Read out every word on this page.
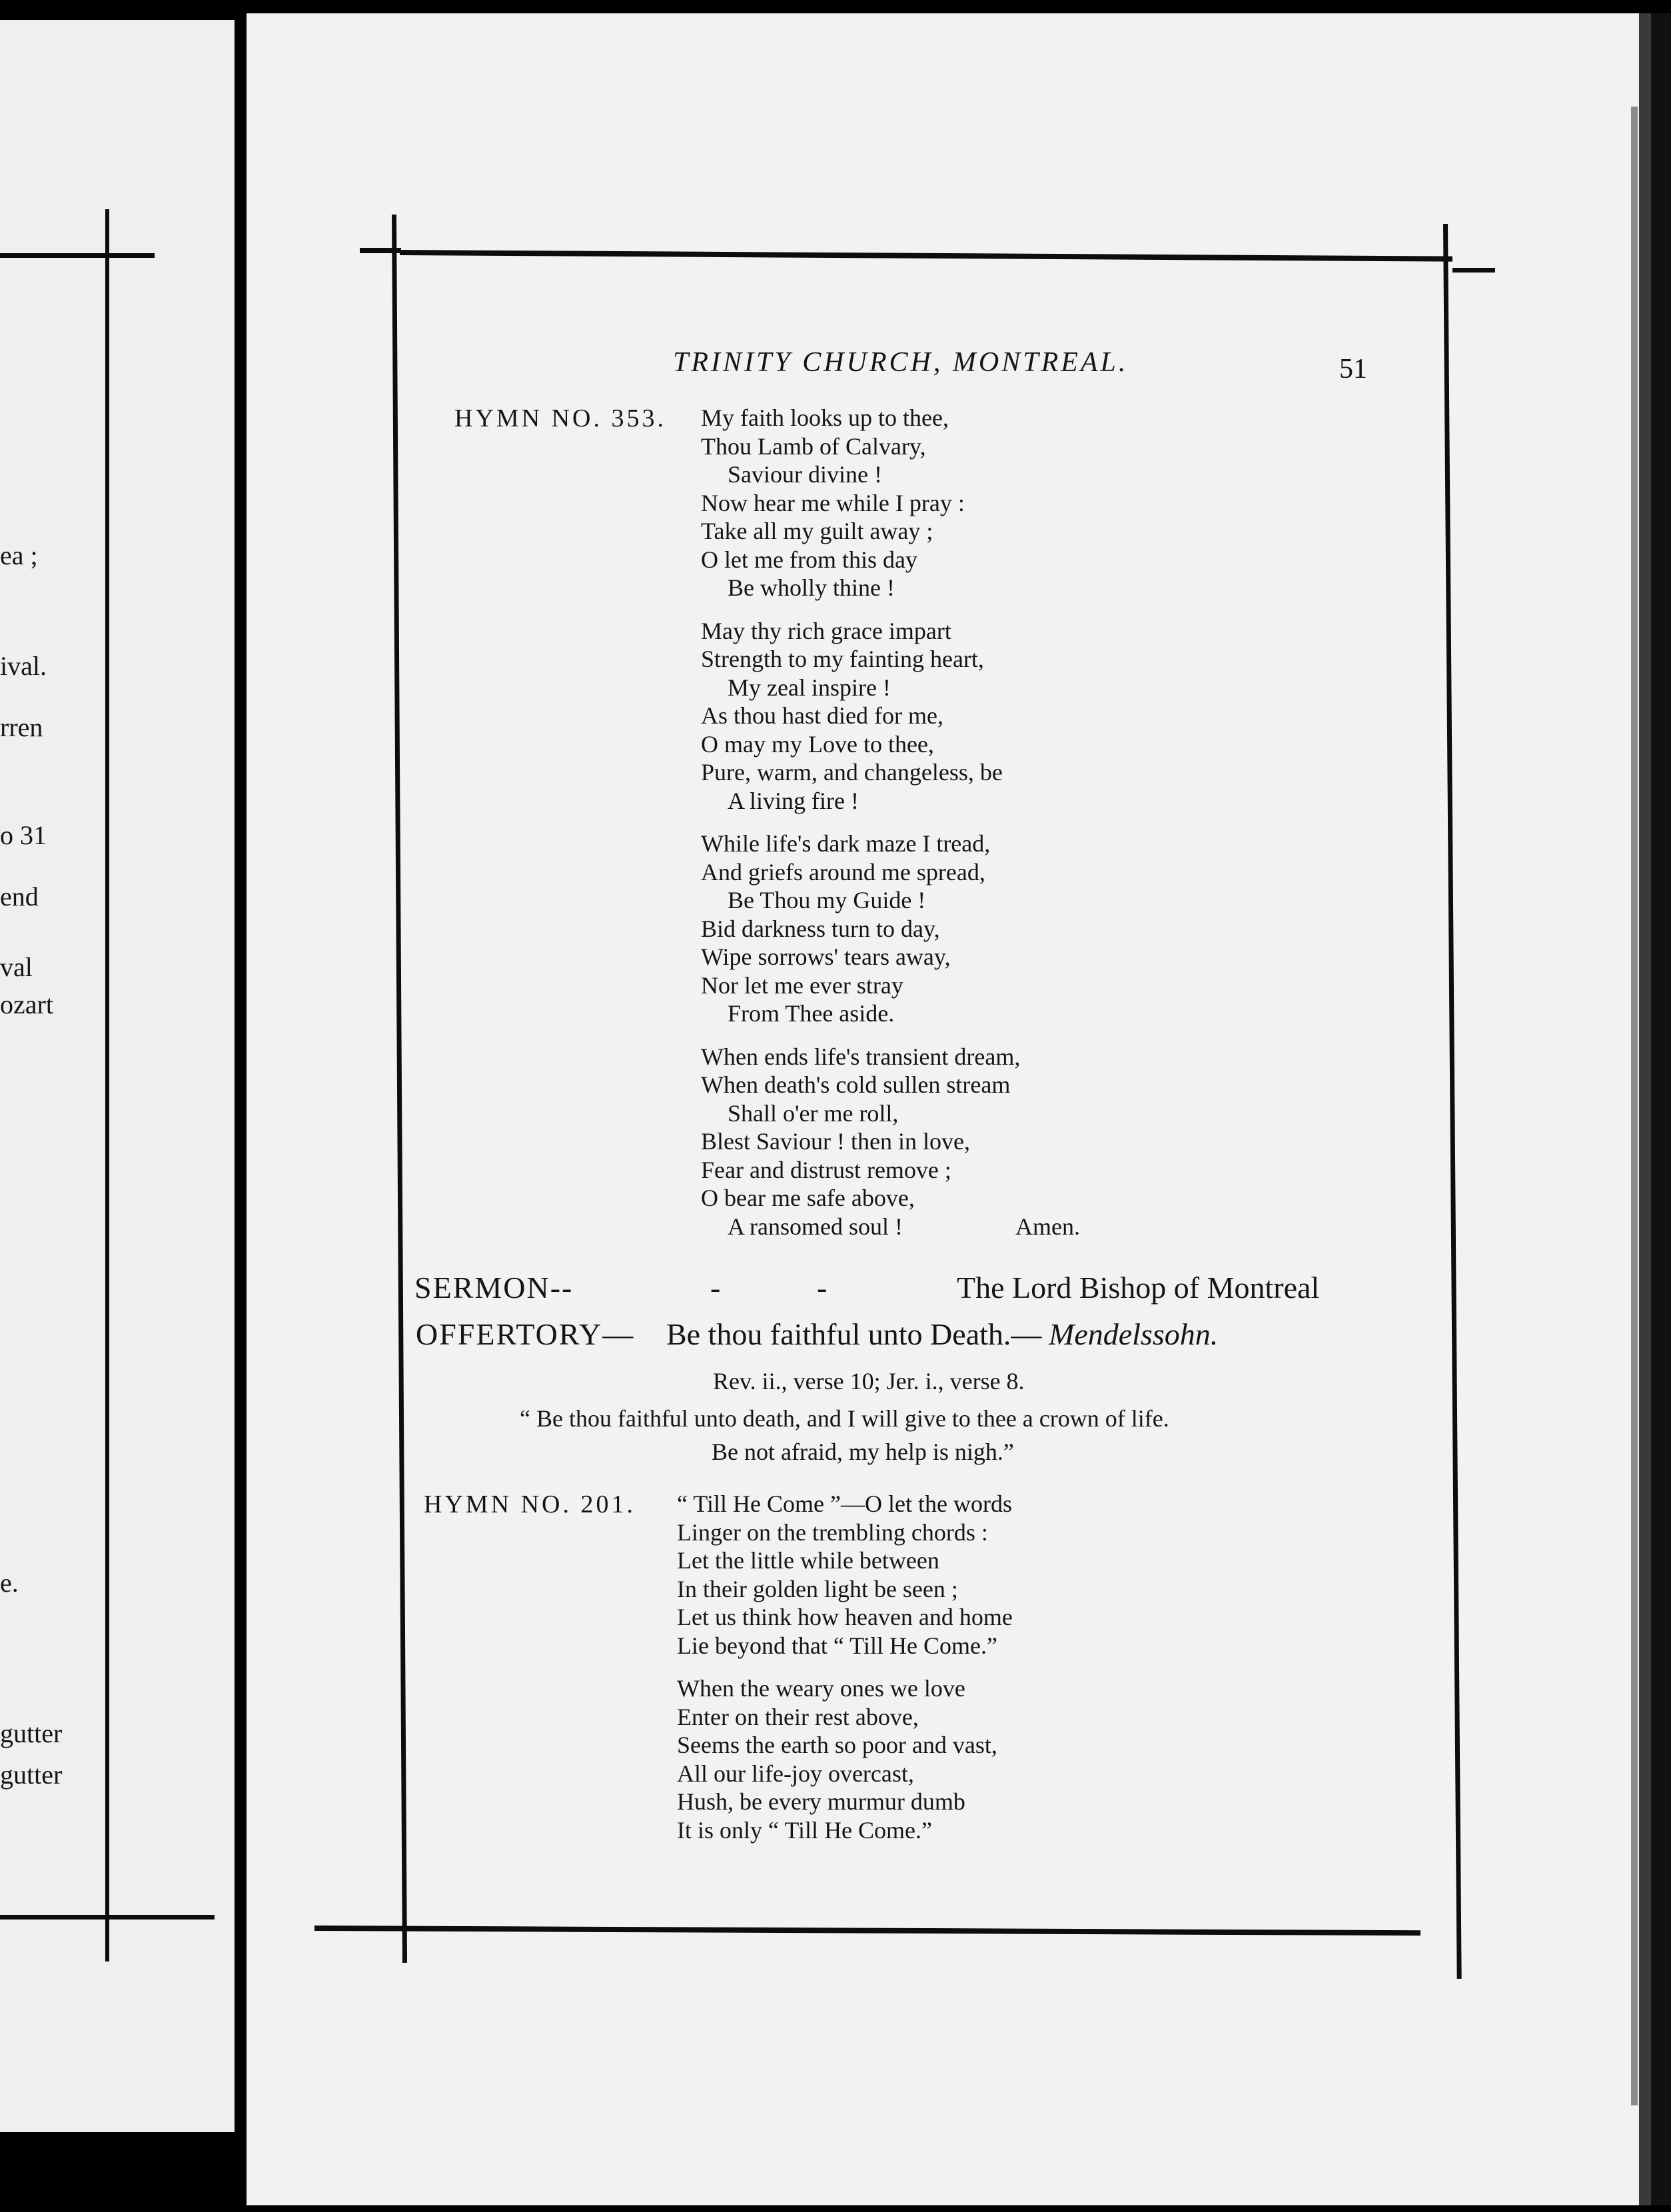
ea ;
ival.
rren
o 31
end
val
ozart
e.
gutter
gutter
TRINITY CHURCH, MONTREAL.	51
HYMN NO. 353. My faith looks up to thee,
Thou Lamb of Calvary,
Saviour divine !
Now hear me while I pray :
Take all my guilt away ;
O let me from this day
Be wholly thine !
May thy rich grace impart
Strength to my fainting heart,
My zeal inspire !
As thou hast died for me,
O may my Love to thee,
Pure, warm, and changeless, be
A living fire !
While life's dark maze I tread,
And griefs around me spread,
Be Thou my Guide !
Bid darkness turn to day,
Wipe sorrows' tears away,
Nor let me ever stray
From Thee aside.
When ends life's transient dream,
When death's cold sullen stream
Shall o'er me roll,
Blest Saviour ! then in love,
Fear and distrust remove ;
O bear me safe above,
A ransomed soul !	Amen.
SERMON--	-	-	The Lord Bishop of Montreal
OFFERTORY— Be thou faithful unto Death.— Mendelssohn.
Rev. ii., verse 10; Jer. i., verse 8.
“ Be thou faithful unto death, and I will give to thee a crown of life.
Be not afraid, my help is nigh.”
HYMN NO. 201. “ Till He Come ”—O let the words
Linger on the trembling chords :
Let the little while between
In their golden light be seen ;
Let us think how heaven and home
Lie beyond that “ Till He Come.”
When the weary ones we love
Enter on their rest above,
Seems the earth so poor and vast,
All our life-joy overcast,
Hush, be every murmur dumb
It is only “ Till He Come.”
